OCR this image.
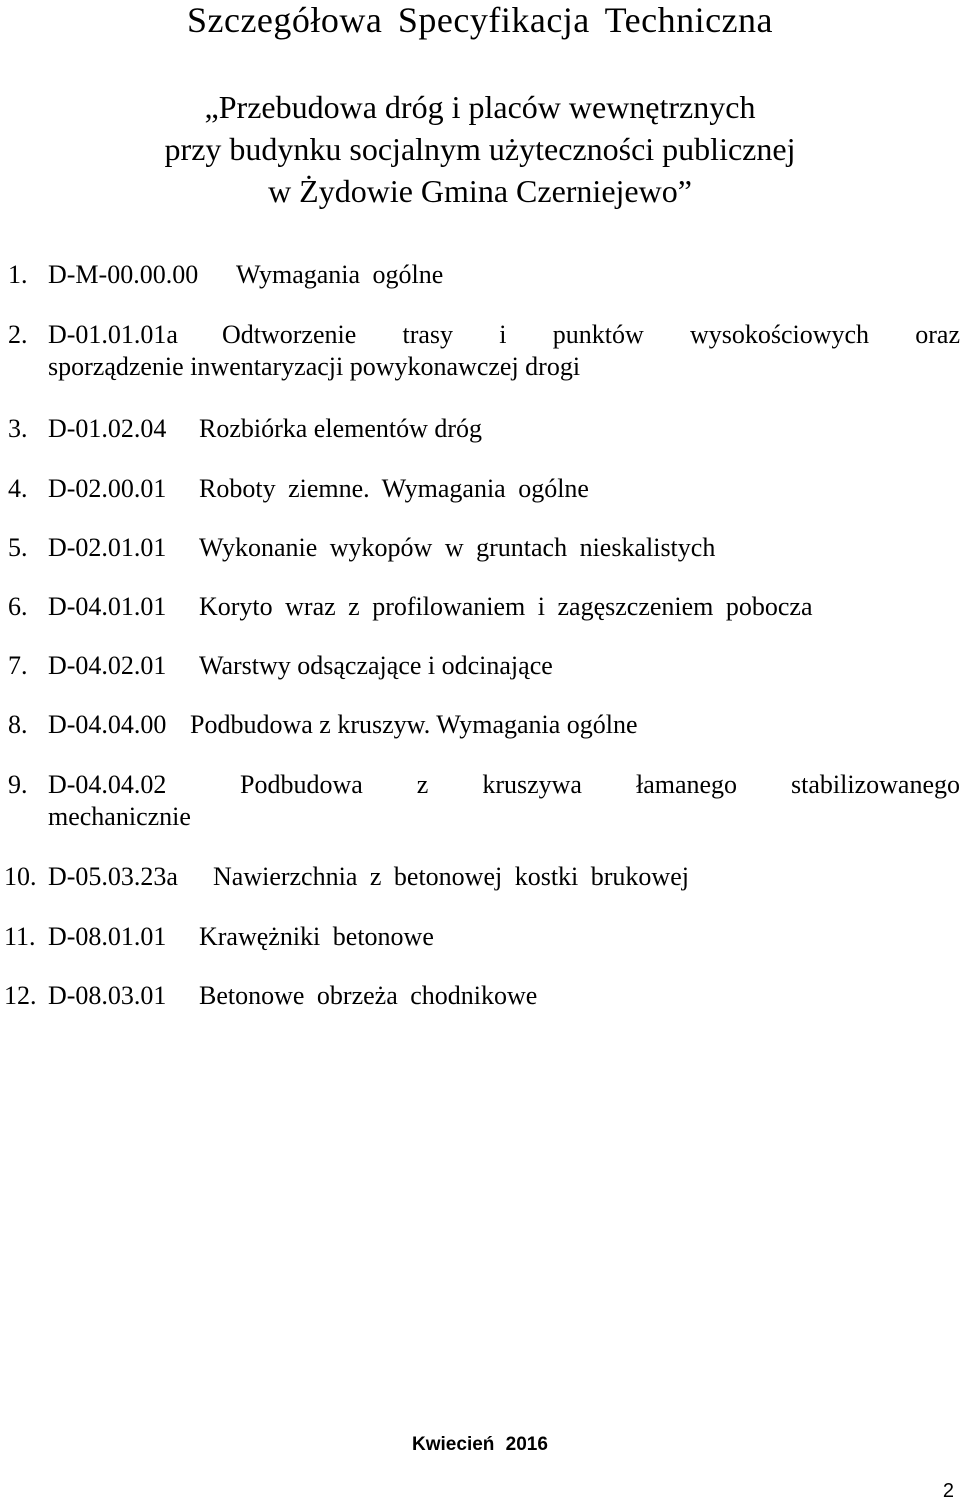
Szczegółowa Specyfikacja Techniczna
„Przebudowa dróg i placów wewnętrznych
przy budynku socjalnym użyteczności publicznej
w Żydowie Gmina Czerniejewo”
1. D-M-00.00.00 Wymagania ogólne
2. D-01.01.01a Odtworzenie trasy i punktów wysokościowych oraz
sporządzenie inwentaryzacji powykonawczej drogi
3. D-01.02.04 Rozbiórka elementów dróg
4. D-02.00.01 Roboty ziemne. Wymagania ogólne
5. D-02.01.01 Wykonanie wykopów w gruntach nieskalistych
6. D-04.01.01 Koryto wraz z profilowaniem i zagęszczeniem pobocza
7. D-04.02.01 Warstwy odsączające i odcinające
8. D-04.04.00 Podbudowa z kruszyw. Wymagania ogólne
9. D-04.04.02	Podbudowa z kruszywa łamanego stabilizowanego
mechanicznie
10. D-05.03.23a Nawierzchnia z betonowej kostki brukowej
11. D-08.01.01 Krawężniki betonowe
12. D-08.03.01 Betonowe obrzeża chodnikowe
Kwiecień 2016
2
